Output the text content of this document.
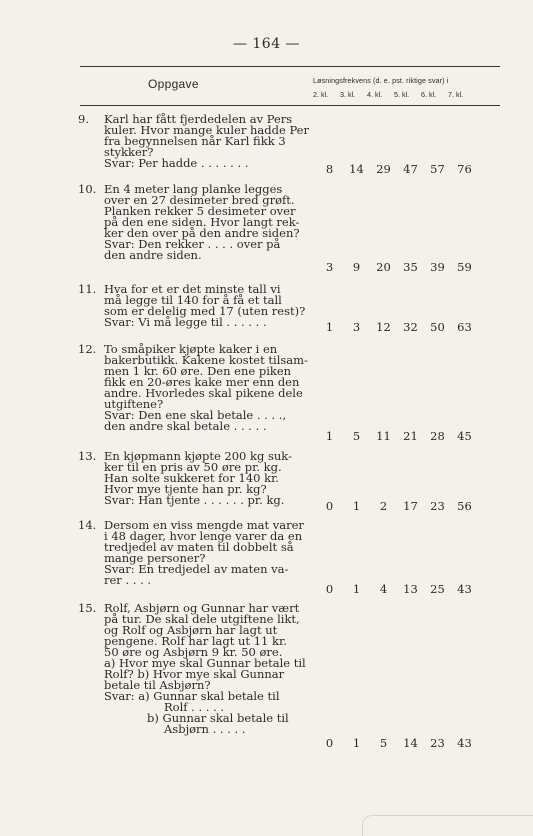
— 164 —
Oppgave	Løsningsfrekvens (d. e. pst. riktige svar) i
2. kl.	3. kl.	4. kl.	5. kl.	6. kl.	7. kl.
9.	Karl har fått fjerdedelen av Pers
kuler. Hvor mange kuler hadde Per
fra begynnelsen når Karl fikk 3
stykker?
Svar: Per hadde . . . . . . .	8	14	29	47	57	76
10. En 4 meter lang planke legges
over en 27 desimeter bred grøft.
Planken rekker 5 desimeter over
på den ene siden. Hvor langt rek-
ker den over på den andre siden?
Svar: Den rekker . . . . over på
den andre siden.
3	9	20	35	39	59
11. Hva for et er det minste tall vi
må legge til 140 for å få et tall
som er delelig med 17 (uten rest)?
Svar: Vi må legge til . . . . . .	1	3	12	32	50	63
12. To småpiker kjøpte kaker i en
bakerbutikk. Kakene kostet tilsam-
men 1 kr. 60 øre. Den ene piken
fikk en 20-øres kake mer enn den
andre. Hvorledes skal pikene dele
utgiftene?
Svar: Den ene skal betale . . . .,
den andre skal betale . . . . .
1	5	11	21	28	45
13. En kjøpmann kjøpte 200 kg suk-
ker til en pris av 50 øre pr. kg.
Han solte sukkeret for 140 kr.
Hvor mye tjente han pr. kg?
Svar: Han tjente . . . . . . pr. kg.	0	1	2	17	23	56
14. Dersom en viss mengde mat varer
i 48 dager, hvor lenge varer da en
tredjedel av maten til dobbelt så
mange personer?
Svar: En tredjedel av maten va-
rer . . . .
0	1	4	13	25	43
15. Rolf, Asbjørn og Gunnar har vært
på tur. De skal dele utgiftene likt,
og Rolf og Asbjørn har lagt ut
pengene. Rolf har lagt ut 11 kr.
50 øre og Asbjørn 9 kr. 50 øre.
a) Hvor mye skal Gunnar betale til
Rolf? b) Hvor mye skal Gunnar
betale til Asbjørn?
Svar: a) Gunnar skal betale til
Rolf . . . . .
b) Gunnar skal betale til
Asbjørn . . . . .
0	1	5	14	23	43
